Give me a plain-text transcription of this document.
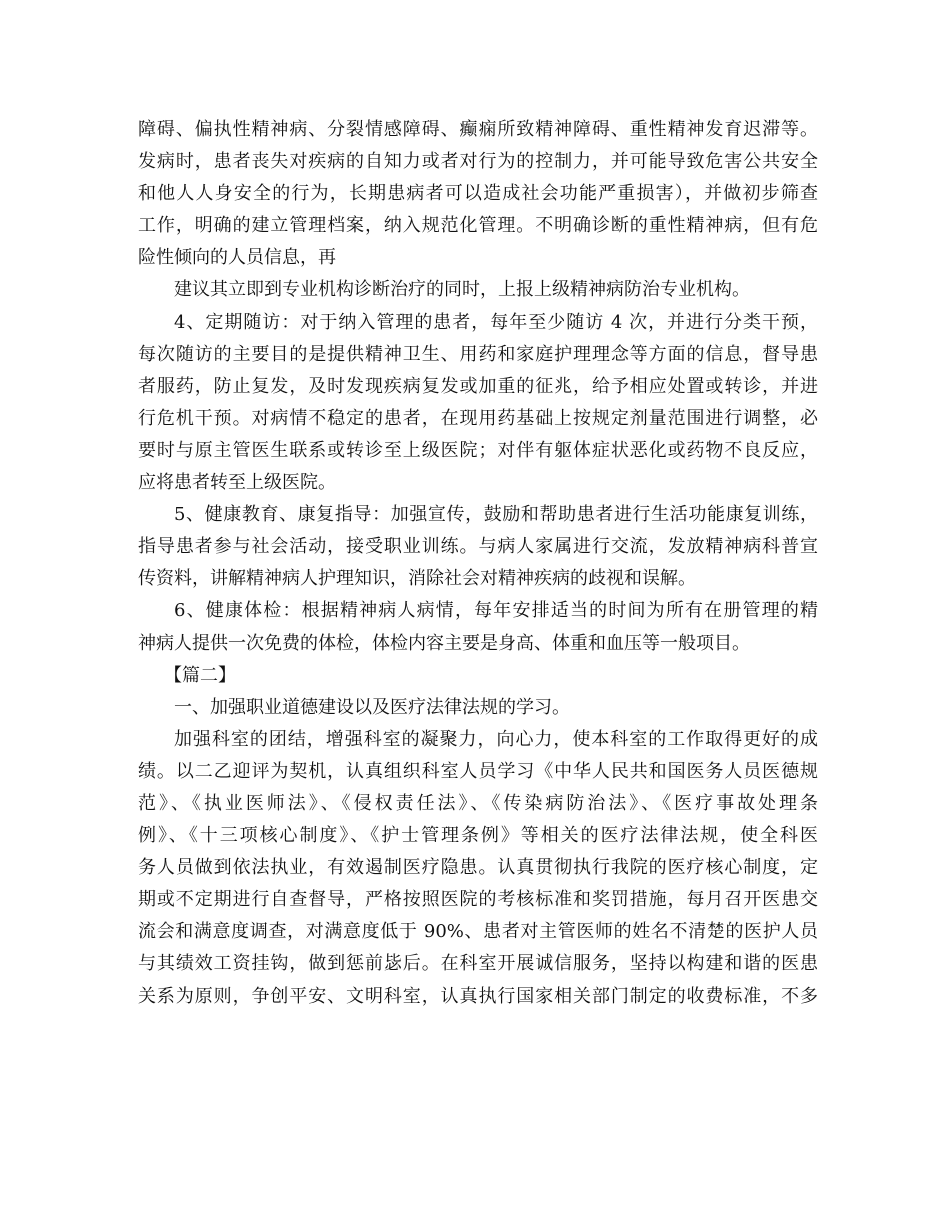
障碍、偏执性精神病、分裂情感障碍、癫痫所致精神障碍、重性精神发育迟滞等。
发病时，患者丧失对疾病的自知力或者对行为的控制力，并可能导致危害公共安全
和他人人身安全的行为，长期患病者可以造成社会功能严重损害），并做初步筛查
工作，明确的建立管理档案，纳入规范化管理。不明确诊断的重性精神病，但有危
险性倾向的人员信息，再
建议其立即到专业机构诊断治疗的同时，上报上级精神病防治专业机构。
4、定期随访：对于纳入管理的患者，每年至少随访 4 次，并进行分类干预，
每次随访的主要目的是提供精神卫生、用药和家庭护理理念等方面的信息，督导患
者服药，防止复发，及时发现疾病复发或加重的征兆，给予相应处置或转诊，并进
行危机干预。对病情不稳定的患者，在现用药基础上按规定剂量范围进行调整，必
要时与原主管医生联系或转诊至上级医院；对伴有躯体症状恶化或药物不良反应，
应将患者转至上级医院。
5、健康教育、康复指导：加强宣传，鼓励和帮助患者进行生活功能康复训练，
指导患者参与社会活动，接受职业训练。与病人家属进行交流，发放精神病科普宣
传资料，讲解精神病人护理知识，消除社会对精神疾病的歧视和误解。
6、健康体检：根据精神病人病情，每年安排适当的时间为所有在册管理的精
神病人提供一次免费的体检，体检内容主要是身高、体重和血压等一般项目。
【篇二】
一、加强职业道德建设以及医疗法律法规的学习。
加强科室的团结，增强科室的凝聚力，向心力，使本科室的工作取得更好的成
绩。以二乙迎评为契机，认真组织科室人员学习《中华人民共和国医务人员医德规
范》、《执业医师法》、《侵权责任法》、《传染病防治法》、《医疗事故处理条
例》、《十三项核心制度》、《护士管理条例》等相关的医疗法律法规，使全科医
务人员做到依法执业，有效遏制医疗隐患。认真贯彻执行我院的医疗核心制度，定
期或不定期进行自查督导，严格按照医院的考核标准和奖罚措施，每月召开医患交
流会和满意度调查，对满意度低于 90%、患者对主管医师的姓名不清楚的医护人员
与其绩效工资挂钩，做到惩前毖后。在科室开展诚信服务，坚持以构建和谐的医患
关系为原则，争创平安、文明科室，认真执行国家相关部门制定的收费标准，不多
